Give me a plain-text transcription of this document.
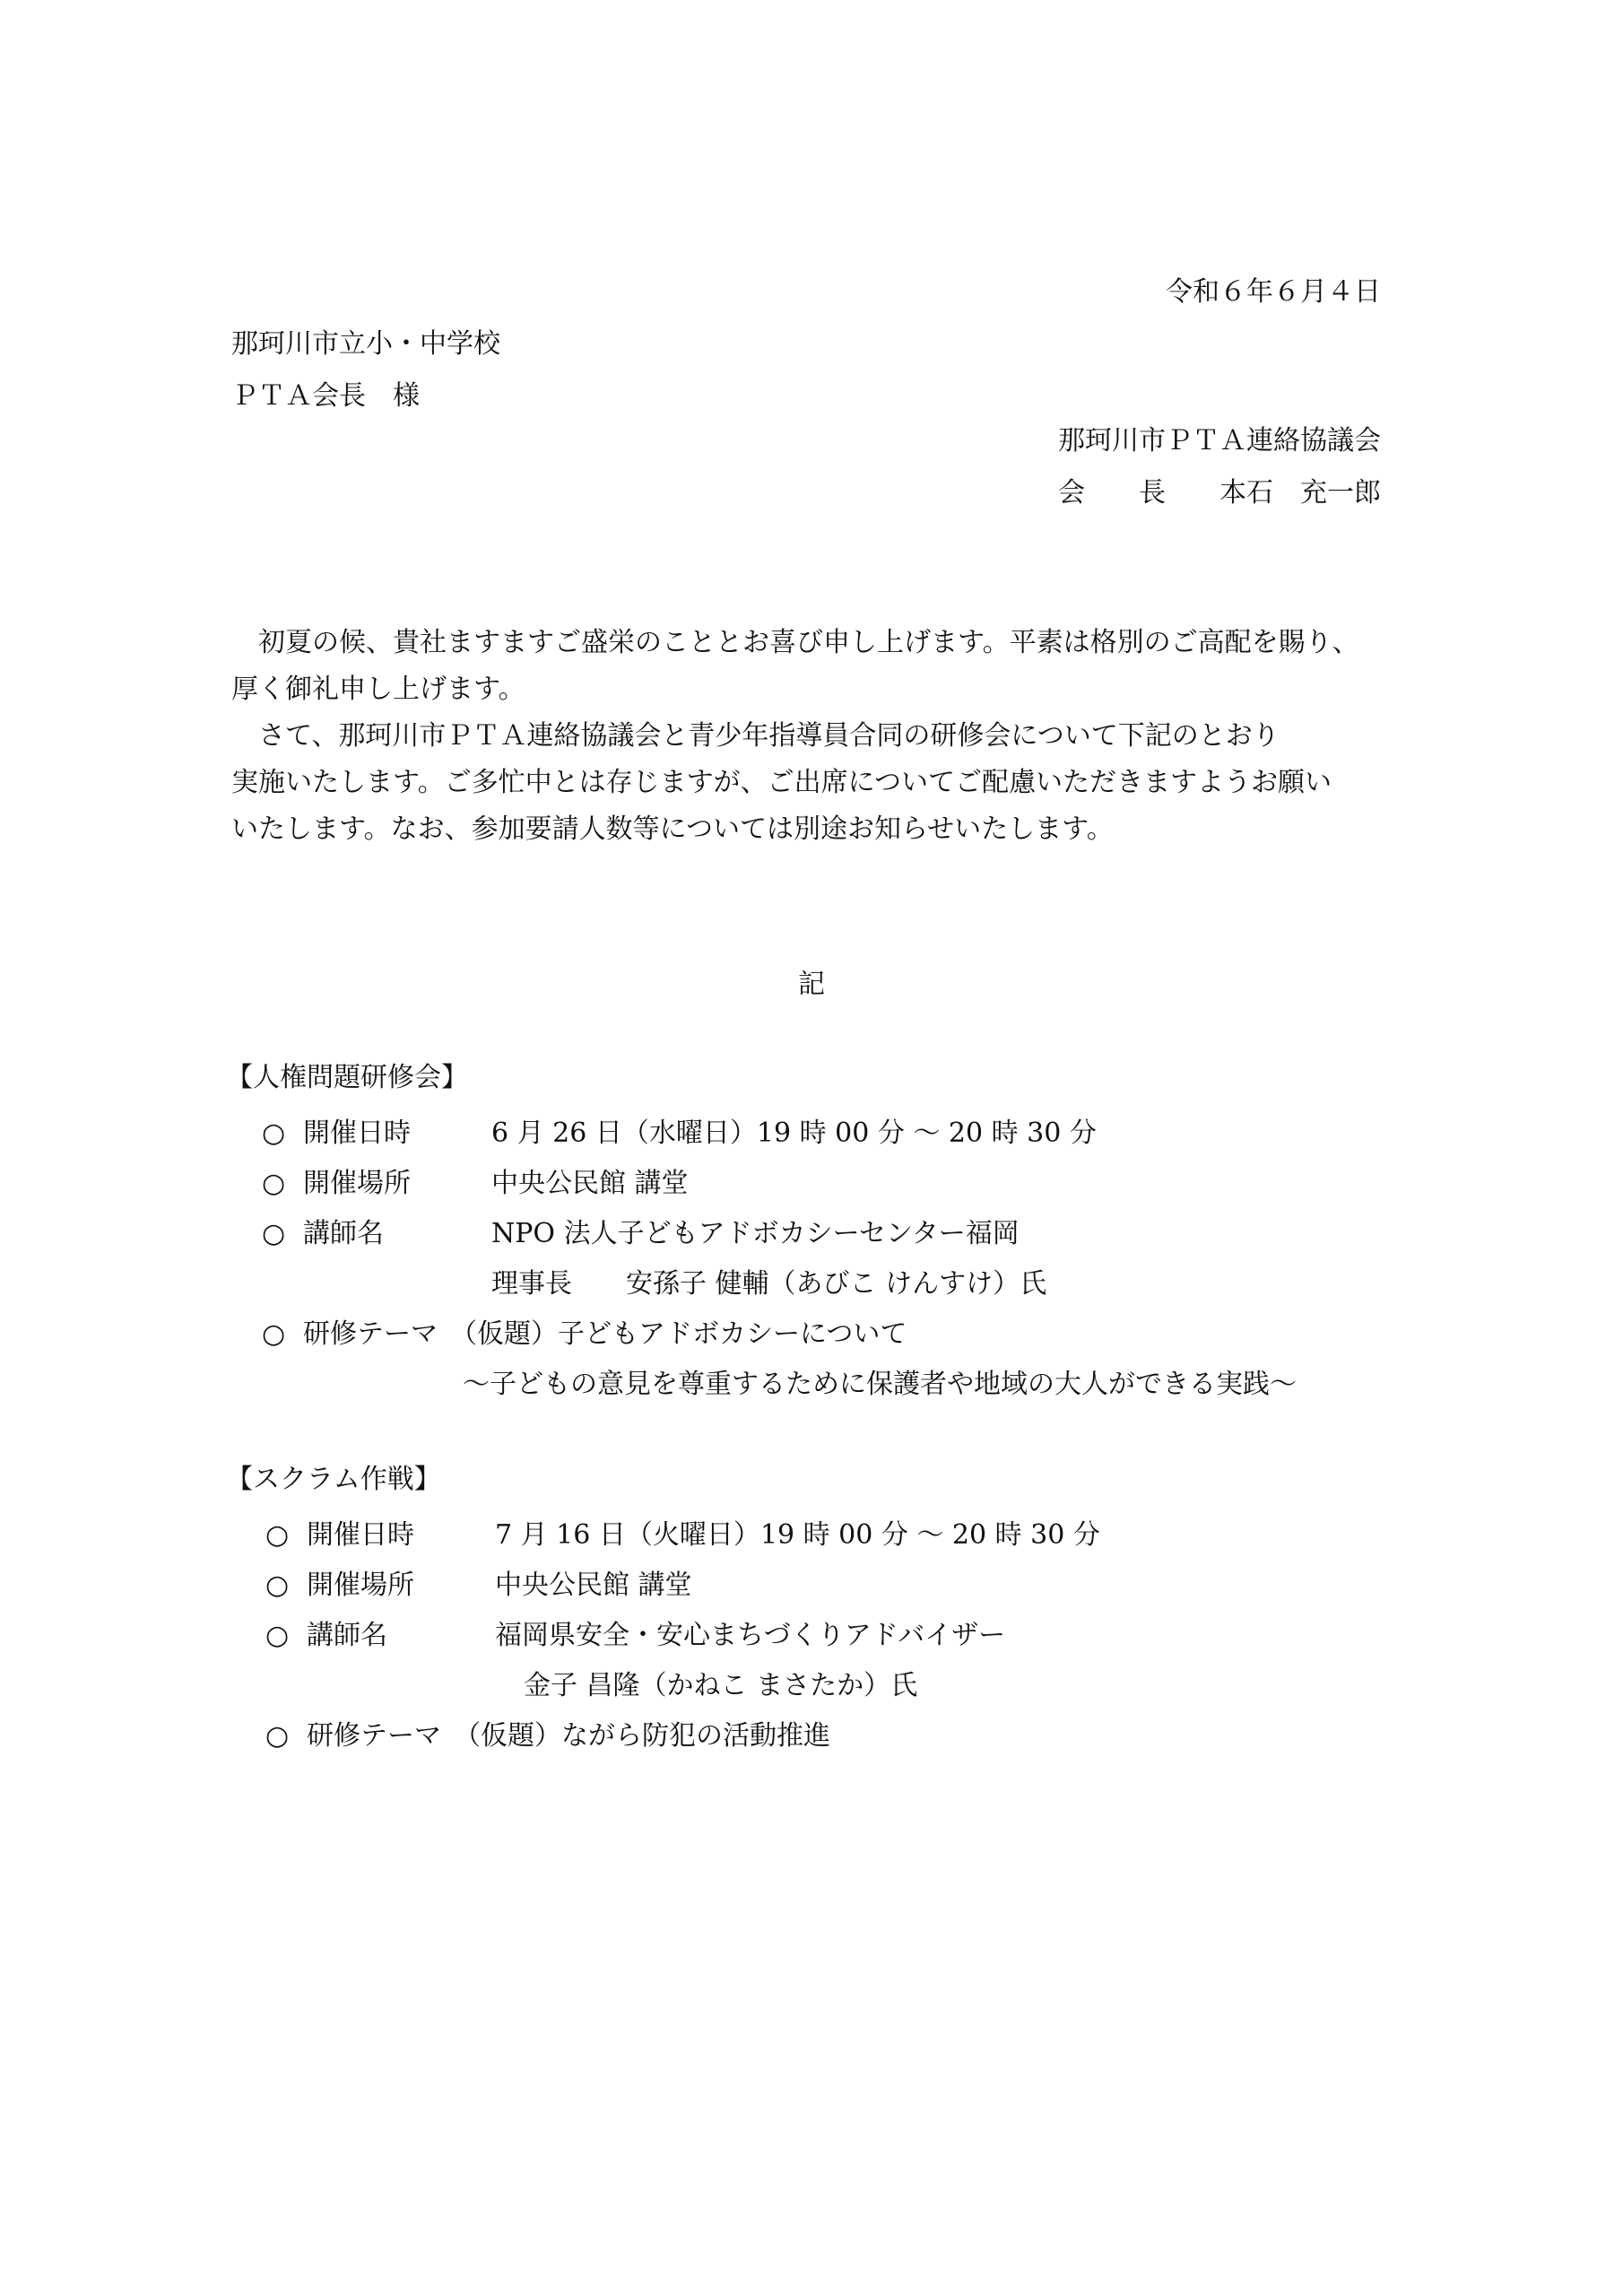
令和６年６月４日
那珂川市立小・中学校
ＰＴＡ会長　様
那珂川市ＰＴＡ連絡協議会
会　　長　　本石　充一郎
　初夏の候、貴社ますますご盛栄のこととお喜び申し上げます。平素は格別のご高配を賜り、
厚く御礼申し上げます。
　さて、那珂川市ＰＴＡ連絡協議会と青少年指導員合同の研修会について下記のとおり
実施いたします。ご多忙中とは存じますが、ご出席についてご配慮いただきますようお願い
いたします。なお、参加要請人数等については別途お知らせいたします。
記
【人権問題研修会】
○ 開催日時	6 月 26 日（水曜日）19 時 00 分 〜 20 時 30 分
○ 開催場所	中央公民館 講堂
○ 講師名	NPO 法人子どもアドボカシーセンター福岡
理事長　　安孫子 健輔（あびこ けんすけ）氏
○ 研修テーマ （仮題）子どもアドボカシーについて
〜子どもの意見を尊重するために保護者や地域の大人ができる実践〜
【スクラム作戦】
○ 開催日時	7 月 16 日（火曜日）19 時 00 分 〜 20 時 30 分
○ 開催場所	中央公民館 講堂
○ 講師名	福岡県安全・安心まちづくりアドバイザー
金子 昌隆（かねこ まさたか）氏
○ 研修テーマ （仮題）ながら防犯の活動推進
